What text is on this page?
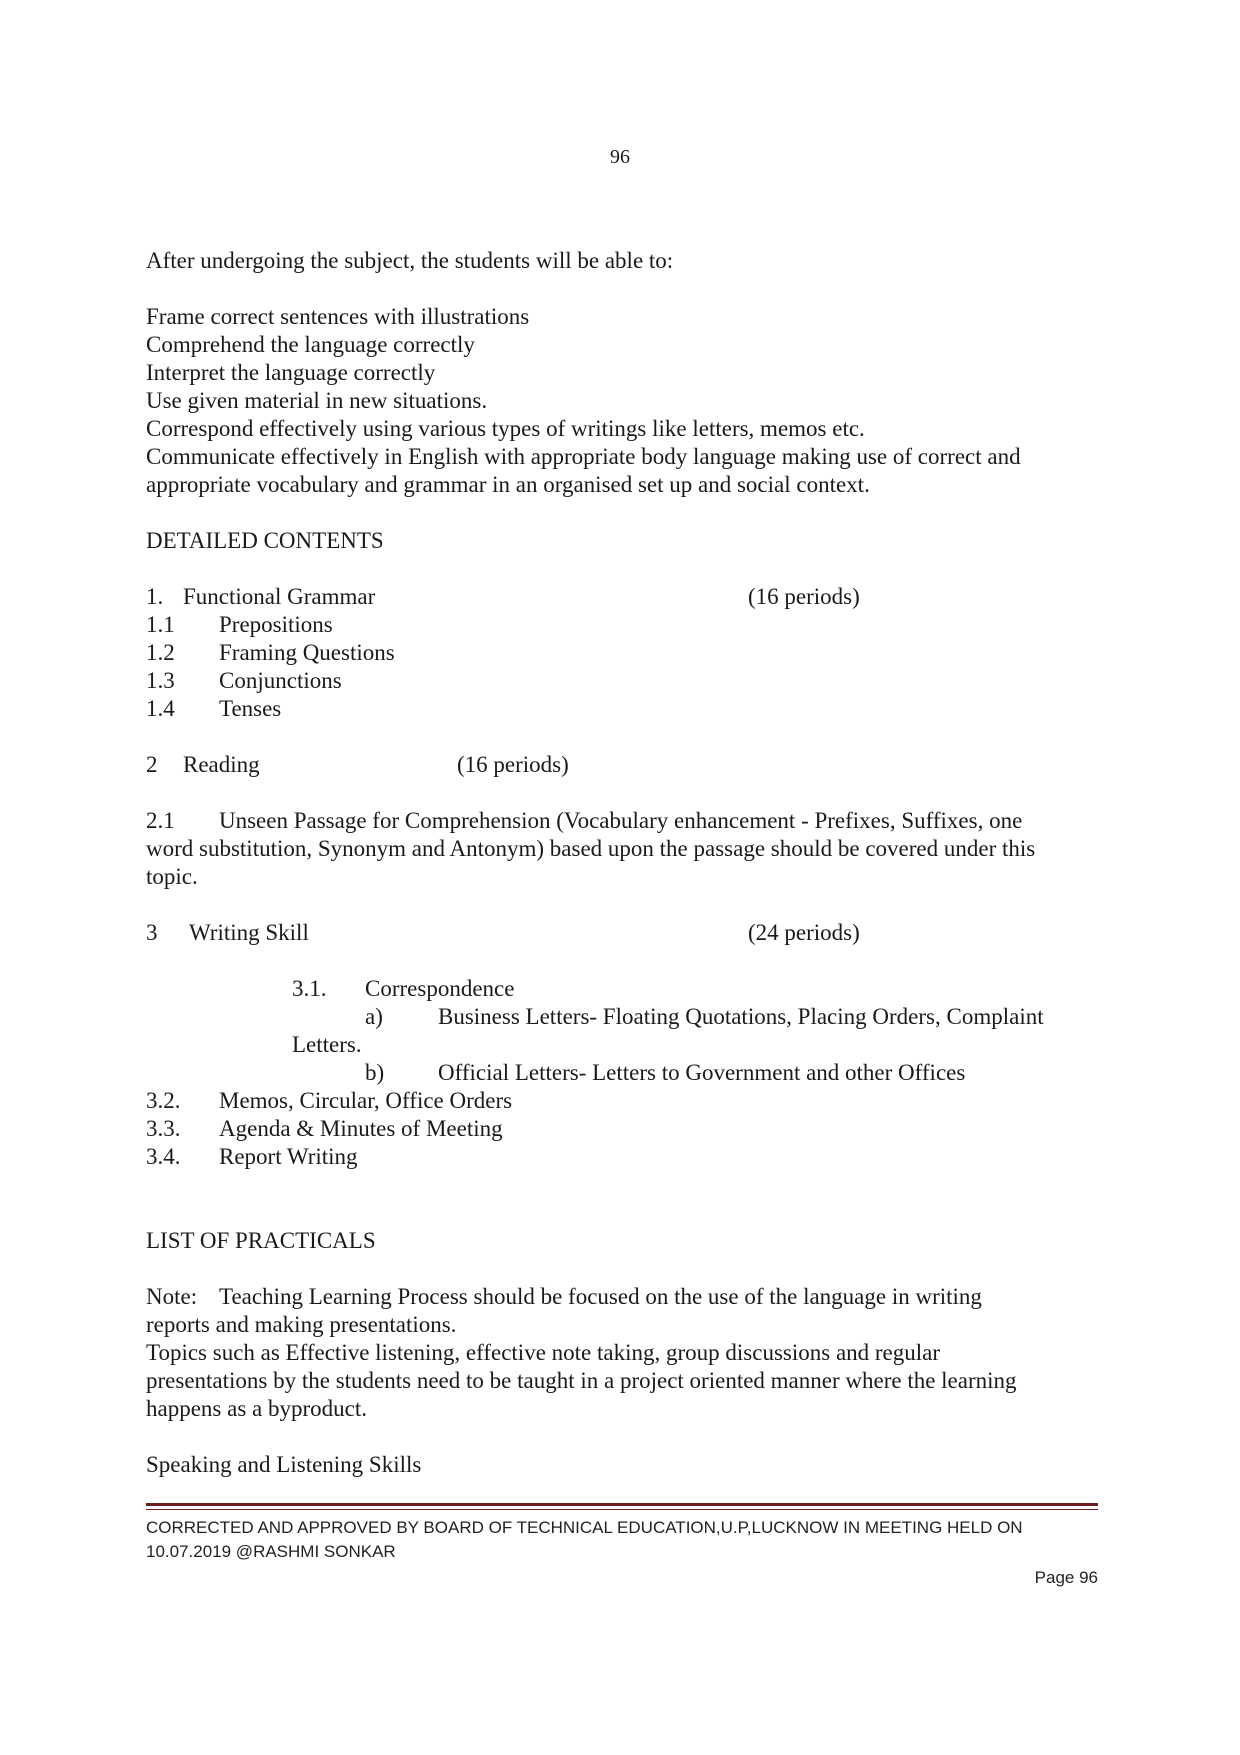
96
After undergoing the subject, the students will be able to:
Frame correct sentences with illustrations
Comprehend the language correctly
Interpret the language correctly
Use given material in new situations.
Correspond effectively using various types of writings like letters, memos etc.
Communicate effectively in English with appropriate body language making use of correct and
appropriate vocabulary and grammar in an organised set up and social context.
DETAILED CONTENTS
1. Functional Grammar	(16 periods)
1.1 Prepositions
1.2 Framing Questions
1.3 Conjunctions
1.4 Tenses
2 Reading	(16 periods)
2.1 Unseen Passage for Comprehension (Vocabulary enhancement - Prefixes, Suffixes, one
word substitution, Synonym and Antonym) based upon the passage should be covered under this
topic.
3 Writing Skill	(24 periods)
3.1. Correspondence
a) Business Letters- Floating Quotations, Placing Orders, Complaint
Letters.
b) Official Letters- Letters to Government and other Offices
3.2. Memos, Circular, Office Orders
3.3. Agenda & Minutes of Meeting
3.4. Report Writing
LIST OF PRACTICALS
Note: Teaching Learning Process should be focused on the use of the language in writing
reports and making presentations.
Topics such as Effective listening, effective note taking, group discussions and regular
presentations by the students need to be taught in a project oriented manner where the learning
happens as a byproduct.
Speaking and Listening Skills
CORRECTED AND APPROVED BY BOARD OF TECHNICAL EDUCATION,U.P,LUCKNOW IN MEETING HELD ON
10.07.2019 @RASHMI SONKAR
Page 96
